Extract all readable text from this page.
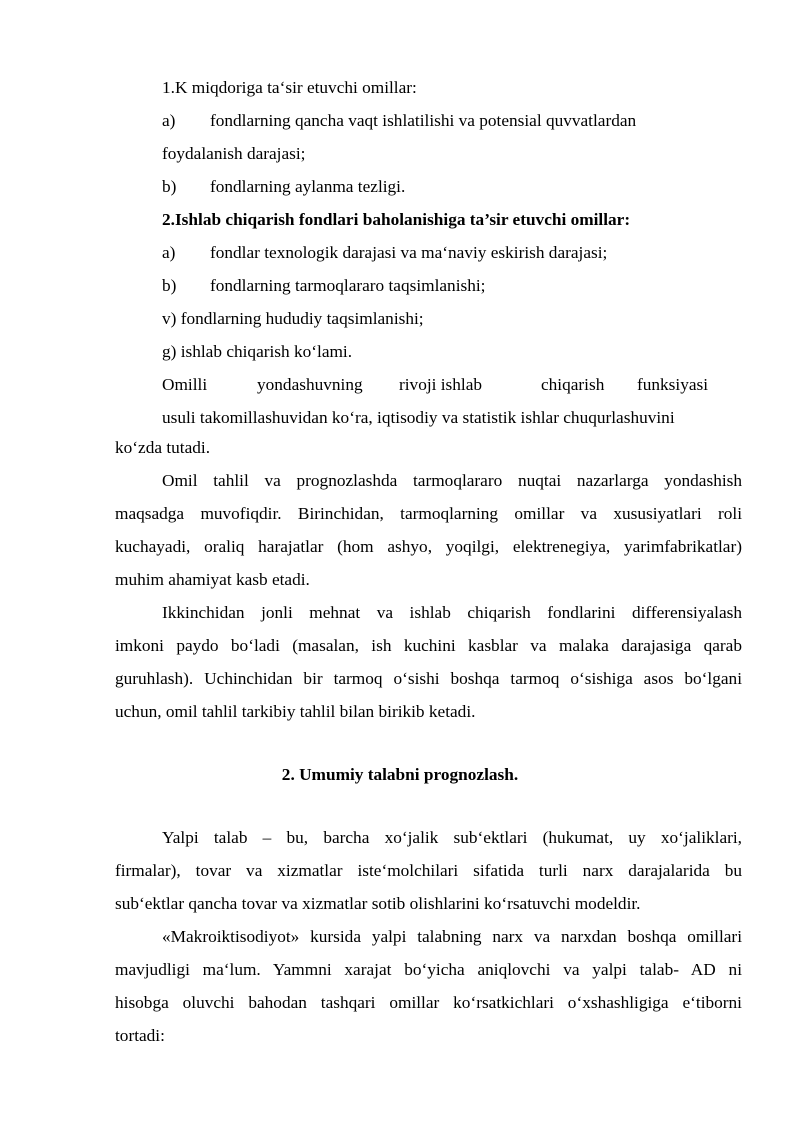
1.K miqdoriga ta‘sir etuvchi omillar:
a) fondlarning qancha vaqt ishlatilishi va potensial quvvatlardan
foydalanish darajasi;
b) fondlarning aylanma tezligi.
2.Ishlab chiqarish fondlari baholanishiga ta’sir etuvchi omillar:
a) fondlar texnologik darajasi va ma‘naviy eskirish darajasi;
b) fondlarning tarmoqlararo taqsimlanishi;
v) fondlarning hududiy taqsimlanishi;
g) ishlab chiqarish ko‘lami.
Omilli	yondashuvning rivoji ishlab	chiqarish funksiyasi
usuli takomillashuvidan ko‘ra, iqtisodiy va statistik ishlar chuqurlashuvini
ko‘zda tutadi.
Omil tahlil va prognozlashda tarmoqlararo nuqtai nazarlarga yondashish
maqsadga muvofiqdir. Birinchidan, tarmoqlarning omillar va xususiyatlari roli
kuchayadi, oraliq harajatlar (hom ashyo, yoqilgi, elektrenegiya, yarimfabrikatlar)
muhim ahamiyat kasb etadi.
Ikkinchidan jonli mehnat va ishlab chiqarish fondlarini differensiyalash
imkoni paydo bo‘ladi (masalan, ish kuchini kasblar va malaka darajasiga qarab
guruhlash). Uchinchidan bir tarmoq o‘sishi boshqa tarmoq o‘sishiga asos bo‘lgani
uchun, omil tahlil tarkibiy tahlil bilan birikib ketadi.
2. Umumiy talabni prognozlash.
Yalpi talab – bu, barcha xo‘jalik sub‘ektlari (hukumat, uy xo‘jaliklari,
firmalar), tovar va xizmatlar iste‘molchilari sifatida turli narx darajalarida bu
sub‘ektlar qancha tovar va xizmatlar sotib olishlarini ko‘rsatuvchi modeldir.
«Makroiktisodiyot» kursida yalpi talabning narx va narxdan boshqa omillari
mavjudligi ma‘lum. Yammni xarajat bo‘yicha aniqlovchi va yalpi talab- AD ni
hisobga oluvchi bahodan tashqari omillar ko‘rsatkichlari o‘xshashligiga e‘tiborni
tortadi:
